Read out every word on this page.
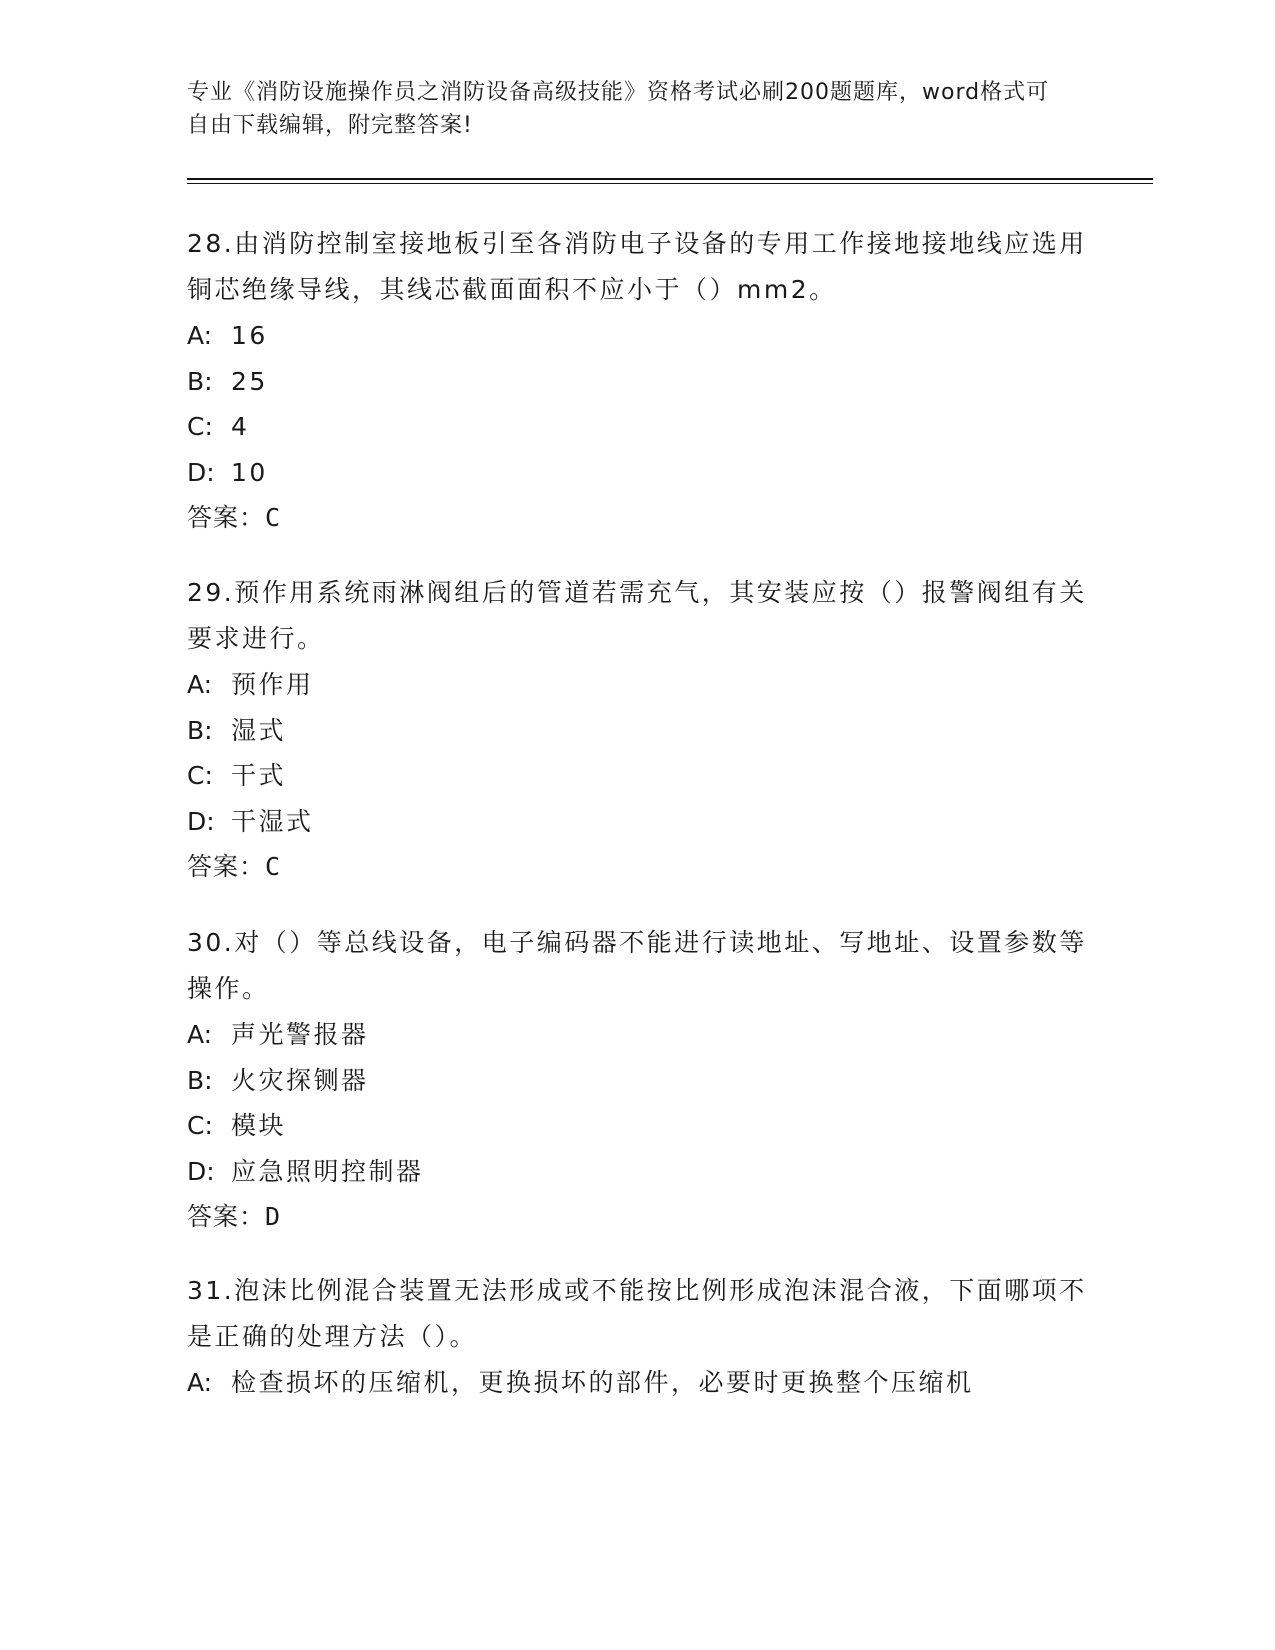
专业《消防设施操作员之消防设备高级技能》资格考试必刷200题题库，word格式可自由下载编辑，附完整答案!

28.由消防控制室接地板引至各消防电子设备的专用工作接地接地线应选用铜芯绝缘导线，其线芯截面面积不应小于（）mm2。

A: 16

B: 25

C: 4

D: 10

答案：C

29.预作用系统雨淋阀组后的管道若需充气，其安装应按（）报警阀组有关要求进行。

A: 预作用

B: 湿式

C: 干式

D: 干湿式

答案：C

30.对（）等总线设备，电子编码器不能进行读地址、写地址、设置参数等操作。

A: 声光警报器

B: 火灾探铡器

C: 模块

D: 应急照明控制器

答案：D

31.泡沫比例混合装置无法形成或不能按比例形成泡沫混合液，下面哪项不是正确的处理方法（）。

A: 检查损坏的压缩机，更换损坏的部件，必要时更换整个压缩机
